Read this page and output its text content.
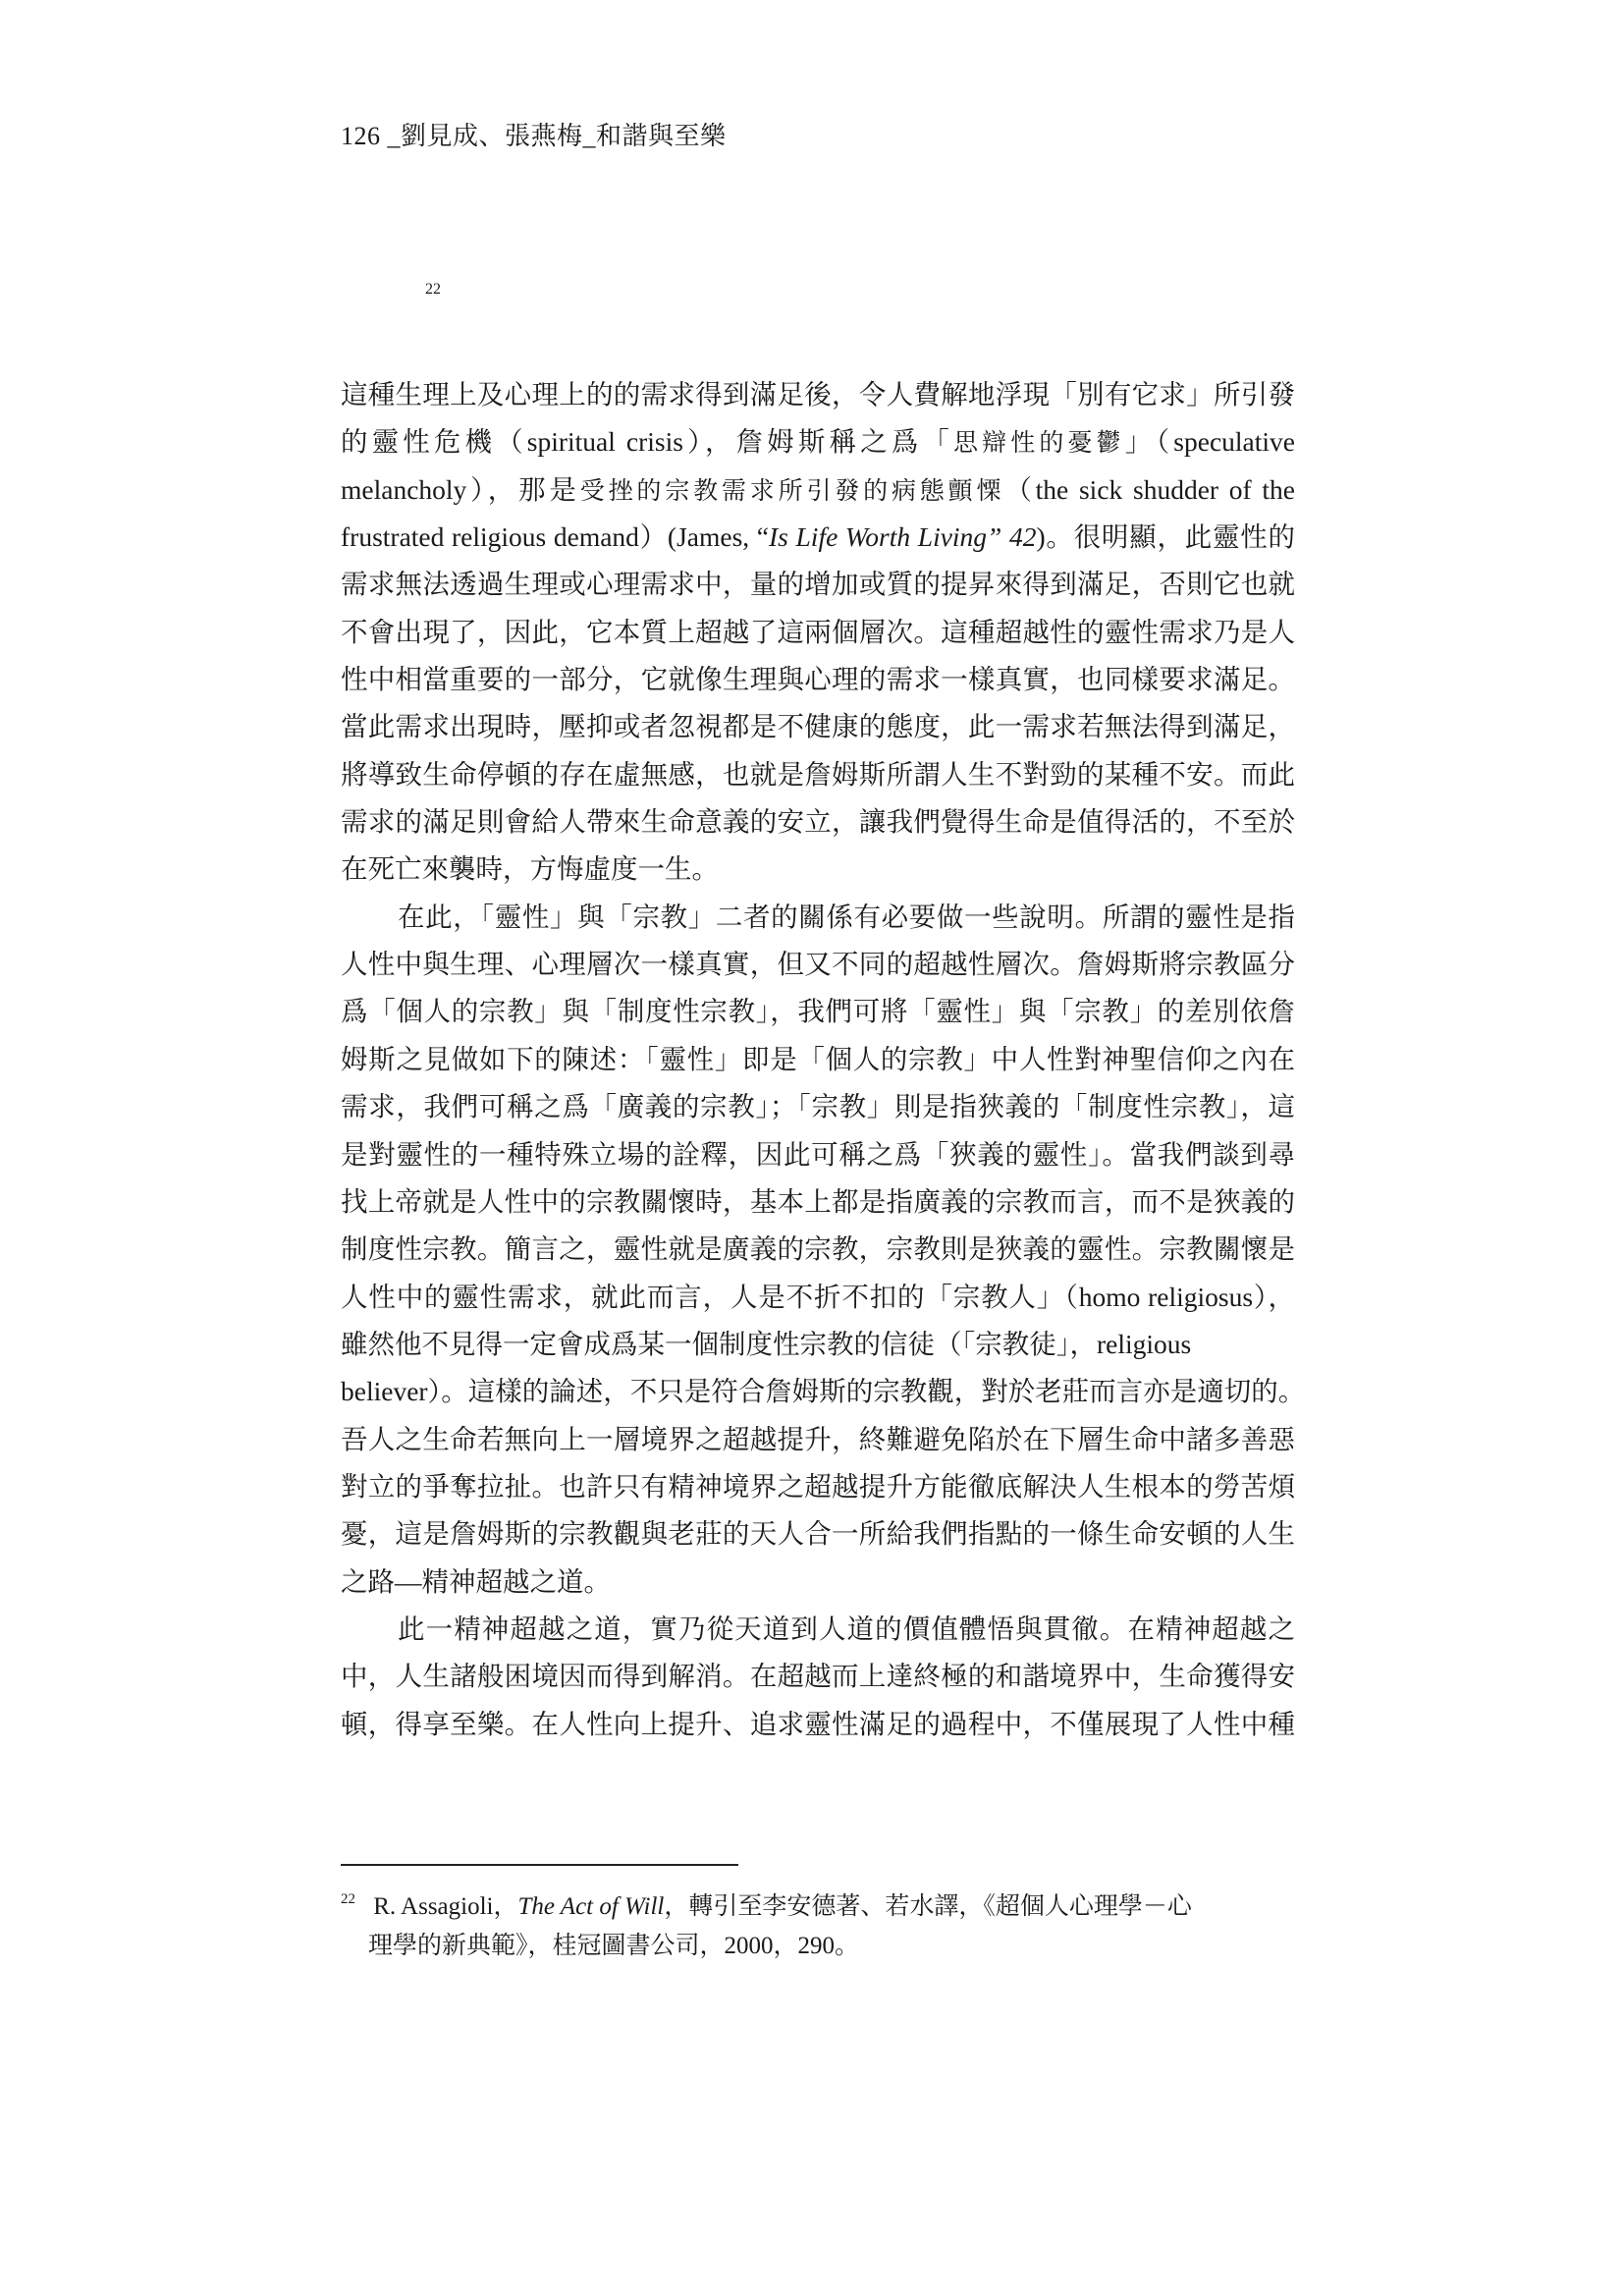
126 _劉見成、張燕梅_和諧與至樂
22
這種生理上及心理上的的需求得到滿足後，令人費解地浮現「別有它求」所引發
的靈性危機（spiritual crisis），詹姆斯稱之爲「思辯性的憂鬱」（speculative
melancholy），那是受挫的宗教需求所引發的病態顫慄（the sick shudder of the
frustrated religious demand）(James, “Is Life Worth Living” 42)。很明顯，此靈性的
需求無法透過生理或心理需求中，量的增加或質的提昇來得到滿足，否則它也就
不會出現了，因此，它本質上超越了這兩個層次。這種超越性的靈性需求乃是人
性中相當重要的一部分，它就像生理與心理的需求一樣真實，也同樣要求滿足。
當此需求出現時，壓抑或者忽視都是不健康的態度，此一需求若無法得到滿足，
將導致生命停頓的存在虛無感，也就是詹姆斯所謂人生不對勁的某種不安。而此
需求的滿足則會給人帶來生命意義的安立，讓我們覺得生命是值得活的，不至於
在死亡來襲時，方悔虛度一生。
在此，「靈性」與「宗教」二者的關係有必要做一些說明。所謂的靈性是指
人性中與生理、心理層次一樣真實，但又不同的超越性層次。詹姆斯將宗教區分
爲「個人的宗教」與「制度性宗教」，我們可將「靈性」與「宗教」的差別依詹
姆斯之見做如下的陳述：「靈性」即是「個人的宗教」中人性對神聖信仰之內在
需求，我們可稱之爲「廣義的宗教」；「宗教」則是指狹義的「制度性宗教」，這
是對靈性的一種特殊立場的詮釋，因此可稱之爲「狹義的靈性」。當我們談到尋
找上帝就是人性中的宗教關懷時，基本上都是指廣義的宗教而言，而不是狹義的
制度性宗教。簡言之，靈性就是廣義的宗教，宗教則是狹義的靈性。宗教關懷是
人性中的靈性需求，就此而言，人是不折不扣的「宗教人」（homo religiosus），
雖然他不見得一定會成爲某一個制度性宗教的信徒（「宗教徒」，religious
believer）。這樣的論述，不只是符合詹姆斯的宗教觀，對於老莊而言亦是適切的。
吾人之生命若無向上一層境界之超越提升，終難避免陷於在下層生命中諸多善惡
對立的爭奪拉扯。也許只有精神境界之超越提升方能徹底解決人生根本的勞苦煩
憂，這是詹姆斯的宗教觀與老莊的天人合一所給我們指點的一條生命安頓的人生
之路—精神超越之道。
此一精神超越之道，實乃從天道到人道的價值體悟與貫徹。在精神超越之
中，人生諸般困境因而得到解消。在超越而上達終極的和諧境界中，生命獲得安
頓，得享至樂。在人性向上提升、追求靈性滿足的過程中，不僅展現了人性中種
$^{22}$ R. Assagioli，The Act of Will，轉引至李安德著、若水譯，《超個人心理學－心
理學的新典範》，桂冠圖書公司，2000，290。
